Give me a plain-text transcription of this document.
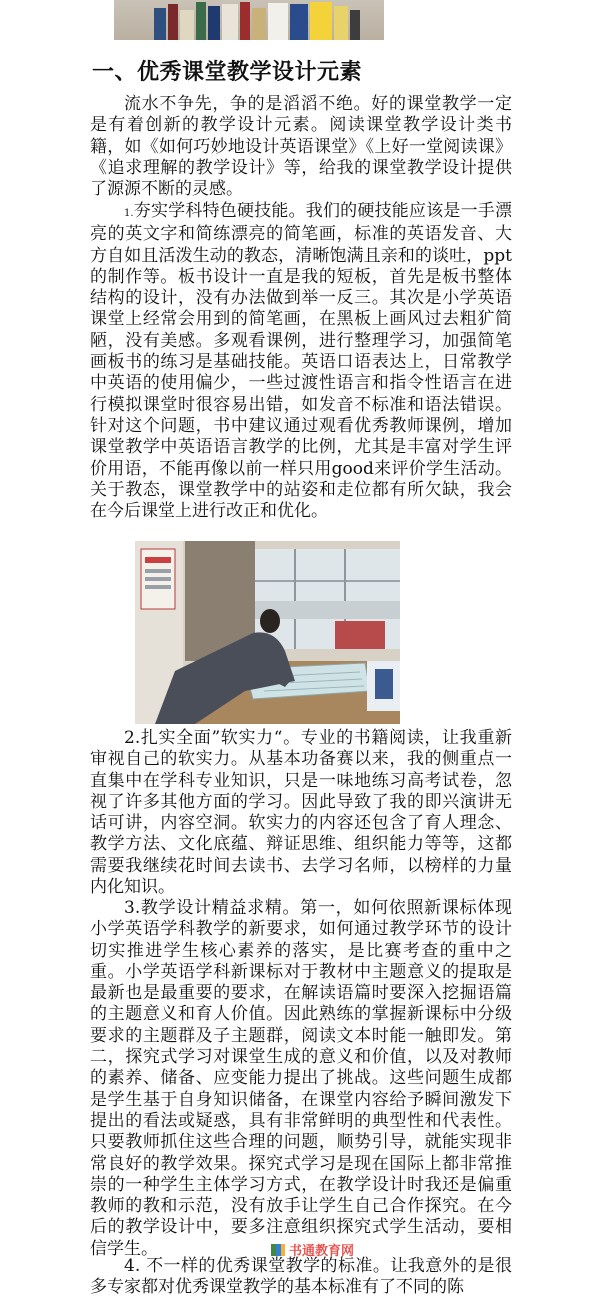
一、优秀课堂教学设计元素

流水不争先，争的是滔滔不绝。好的课堂教学一定是有着创新的教学设计元素。阅读课堂教学设计类书籍，如《如何巧妙地设计英语课堂》《上好一堂阅读课》《追求理解的教学设计》等，给我的课堂教学设计提供了源源不断的灵感。

1.夯实学科特色硬技能。我们的硬技能应该是一手漂亮的英文字和简练漂亮的简笔画，标准的英语发音、大方自如且活泼生动的教态，清晰饱满且亲和的谈吐，ppt的制作等。板书设计一直是我的短板，首先是板书整体结构的设计，没有办法做到举一反三。其次是小学英语课堂上经常会用到的简笔画，在黑板上画风过去粗犷简陋，没有美感。多观看课例，进行整理学习，加强简笔画板书的练习是基础技能。英语口语表达上，日常教学中英语的使用偏少，一些过渡性语言和指令性语言在进行模拟课堂时很容易出错，如发音不标准和语法错误。针对这个问题，书中建议通过观看优秀教师课例，增加课堂教学中英语语言教学的比例，尤其是丰富对学生评价用语，不能再像以前一样只用good来评价学生活动。关于教态，课堂教学中的站姿和走位都有所欠缺，我会在今后课堂上进行改正和优化。

2.扎实全面”软实力“。专业的书籍阅读，让我重新审视自己的软实力。从基本功备赛以来，我的侧重点一直集中在学科专业知识，只是一味地练习高考试卷，忽视了许多其他方面的学习。因此导致了我的即兴演讲无话可讲，内容空洞。软实力的内容还包含了育人理念、教学方法、文化底蕴、辩证思维、组织能力等等，这都需要我继续花时间去读书、去学习名师，以榜样的力量内化知识。

3.教学设计精益求精。第一，如何依照新课标体现小学英语学科教学的新要求，如何通过教学环节的设计切实推进学生核心素养的落实，是比赛考查的重中之重。小学英语学科新课标对于教材中主题意义的提取是最新也是最重要的要求，在解读语篇时要深入挖掘语篇的主题意义和育人价值。因此熟练的掌握新课标中分级要求的主题群及子主题群，阅读文本时能一触即发。第二，探究式学习对课堂生成的意义和价值，以及对教师的素养、储备、应变能力提出了挑战。这些问题生成都是学生基于自身知识储备，在课堂内容给予瞬间激发下提出的看法或疑惑，具有非常鲜明的典型性和代表性。只要教师抓住这些合理的问题，顺势引导，就能实现非常良好的教学效果。探究式学习是现在国际上都非常推崇的一种学生主体学习方式，在教学设计时我还是偏重教师的教和示范，没有放手让学生自己合作探究。在今后的教学设计中，要多注意组织探究式学生活动，要相信学生。

4. 不一样的优秀课堂教学的标准。让我意外的是很多专家都对优秀课堂教学的基本标准有了不同的陈

书通教育网
